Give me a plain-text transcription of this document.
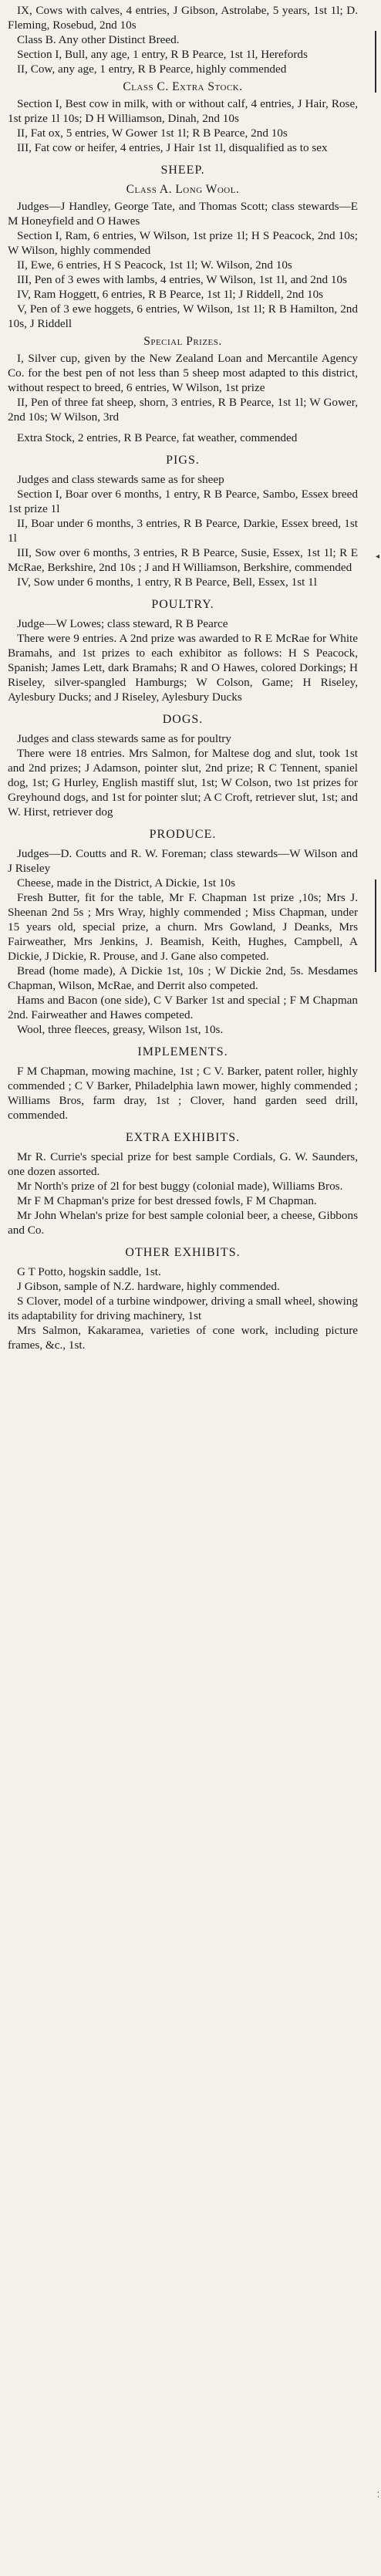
IX, Cows with calves, 4 entries, J Gibson, Astrolabe, 5 years, 1st 1l; D. Fleming, Rosebud, 2nd 10s

Class B. Any other Distinct Breed.

Section I, Bull, any age, 1 entry, R B Pearce, 1st 1l, Herefords

II, Cow, any age, 1 entry, R B Pearce, highly commended

Class C. Extra Stock.

Section I, Best cow in milk, with or without calf, 4 entries, J Hair, Rose, 1st prize 1l 10s; D H Williamson, Dinah, 2nd 10s

II, Fat ox, 5 entries, W Gower 1st 1l; R B Pearce, 2nd 10s

III, Fat cow or heifer, 4 entries, J Hair 1st 1l, disqualified as to sex

SHEEP.
Class A. Long Wool.

Judges—J Handley, George Tate, and Thomas Scott; class stewards—E M Honeyfield and O Hawes

Section I, Ram, 6 entries, W Wilson, 1st prize 1l; H S Peacock, 2nd 10s; W Wilson, highly commended

II, Ewe, 6 entries, H S Peacock, 1st 1l; W. Wilson, 2nd 10s

III, Pen of 3 ewes with lambs, 4 entries, W Wilson, 1st 1l, and 2nd 10s

IV, Ram Hoggett, 6 entries, R B Pearce, 1st 1l; J Riddell, 2nd 10s

V, Pen of 3 ewe hoggets, 6 entries, W Wilson, 1st 1l; R B Hamilton, 2nd 10s, J Riddell

Special Prizes.

I, Silver cup, given by the New Zealand Loan and Mercantile Agency Co. for the best pen of not less than 5 sheep most adapted to this district, without respect to breed, 6 entries, W Wilson, 1st prize

II, Pen of three fat sheep, shorn, 3 entries, R B Pearce, 1st 1l; W Gower, 2nd 10s; W Wilson, 3rd

Extra Stock, 2 entries, R B Pearce, fat weather, commended

PIGS.

Judges and class stewards same as for sheep

Section I, Boar over 6 months, 1 entry, R B Pearce, Sambo, Essex breed 1st prize 1l

II, Boar under 6 months, 3 entries, R B Pearce, Darkie, Essex breed, 1st 1l

III, Sow over 6 months, 3 entries, R B Pearce, Susie, Essex, 1st 1l; R E McRae, Berkshire, 2nd 10s ; J and H Williamson, Berkshire, commended

IV, Sow under 6 months, 1 entry, R B Pearce, Bell, Essex, 1st 1l

POULTRY.

Judge—W Lowes; class steward, R B Pearce

There were 9 entries. A 2nd prize was awarded to R E McRae for White Bramahs, and 1st prizes to each exhibitor as follows: H S Peacock, Spanish; James Lett, dark Bramahs; R and O Hawes, colored Dorkings; H Riseley, silver-spangled Hamburgs; W Colson, Game; H Riseley, Aylesbury Ducks; and J Riseley, Aylesbury Ducks

DOGS.

Judges and class stewards same as for poultry

There were 18 entries. Mrs Salmon, for Maltese dog and slut, took 1st and 2nd prizes; J Adamson, pointer slut, 2nd prize; R C Tennent, spaniel dog, 1st; G Hurley, English mastiff slut, 1st; W Colson, two 1st prizes for Greyhound dogs, and 1st for pointer slut; A C Croft, retriever slut, 1st; and W. Hirst, retriever dog

PRODUCE.

Judges—D. Coutts and R. W. Foreman; class stewards—W Wilson and J Riseley

Cheese, made in the District, A Dickie, 1st 10s

Fresh Butter, fit for the table, Mr F. Chapman 1st prize ,10s; Mrs J. Sheenan 2nd 5s ; Mrs Wray, highly commended ; Miss Chapman, under 15 years old, special prize, a churn. Mrs Gowland, J Deanks, Mrs Fairweather, Mrs Jenkins, J. Beamish, Keith, Hughes, Campbell, A Dickie, J Dickie, R. Prouse, and J. Gane also competed.

Bread (home made), A Dickie 1st, 10s ; W Dickie 2nd, 5s. Mesdames Chapman, Wilson, McRae, and Derrit also competed.

Hams and Bacon (one side), C V Barker 1st and special ; F M Chapman 2nd. Fairweather and Hawes competed.

Wool, three fleeces, greasy, Wilson 1st, 10s.

IMPLEMENTS.

F M Chapman, mowing machine, 1st ; C V. Barker, patent roller, highly commended ; C V Barker, Philadelphia lawn mower, highly commended ; Williams Bros, farm dray, 1st ; Clover, hand garden seed drill, commended.

EXTRA EXHIBITS.

Mr R. Currie's special prize for best sample Cordials, G. W. Saunders, one dozen assorted.

Mr North's prize of 2l for best buggy (colonial made), Williams Bros.

Mr F M Chapman's prize for best dressed fowls, F M Chapman.

Mr John Whelan's prize for best sample colonial beer, a cheese, Gibbons and Co.

OTHER EXHIBITS.

G T Potto, hogskin saddle, 1st.

J Gibson, sample of N.Z. hardware, highly commended.

S Clover, model of a turbine windpower, driving a small wheel, showing its adaptability for driving machinery, 1st

Mrs Salmon, Kakaramea, varieties of cone work, including picture frames, &c., 1st.

◂
⁚
